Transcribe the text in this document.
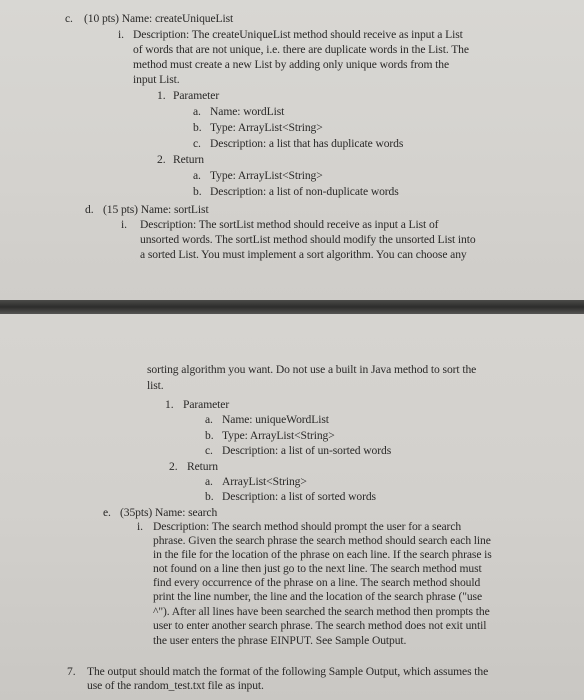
c. (10 pts) Name: createUniqueList
i. Description: The createUniqueList method should receive as input a List
of words that are not unique, i.e. there are duplicate words in the List. The
method must create a new List by adding only unique words from the
input List.
1. Parameter
a. Name: wordList
b. Type: ArrayList<String>
c. Description: a list that has duplicate words
2. Return
a. Type: ArrayList<String>
b. Description: a list of non-duplicate words
d. (15 pts) Name: sortList
i. Description: The sortList method should receive as input a List of
unsorted words. The sortList method should modify the unsorted List into
a sorted List. You must implement a sort algorithm. You can choose any
sorting algorithm you want. Do not use a built in Java method to sort the
list.
1. Parameter
a. Name: uniqueWordList
b. Type: ArrayList<String>
c. Description: a list of un-sorted words
2. Return
a. ArrayList<String>
b. Description: a list of sorted words
e. (35pts) Name: search
i. Description: The search method should prompt the user for a search
phrase. Given the search phrase the search method should search each line
in the file for the location of the phrase on each line. If the search phrase is
not found on a line then just go to the next line. The search method must
find every occurrence of the phrase on a line. The search method should
print the line number, the line and the location of the search phrase ("use
^"). After all lines have been searched the search method then prompts the
user to enter another search phrase. The search method does not exit until
the user enters the phrase EINPUT. See Sample Output.
7. The output should match the format of the following Sample Output, which assumes the
use of the random_test.txt file as input.
